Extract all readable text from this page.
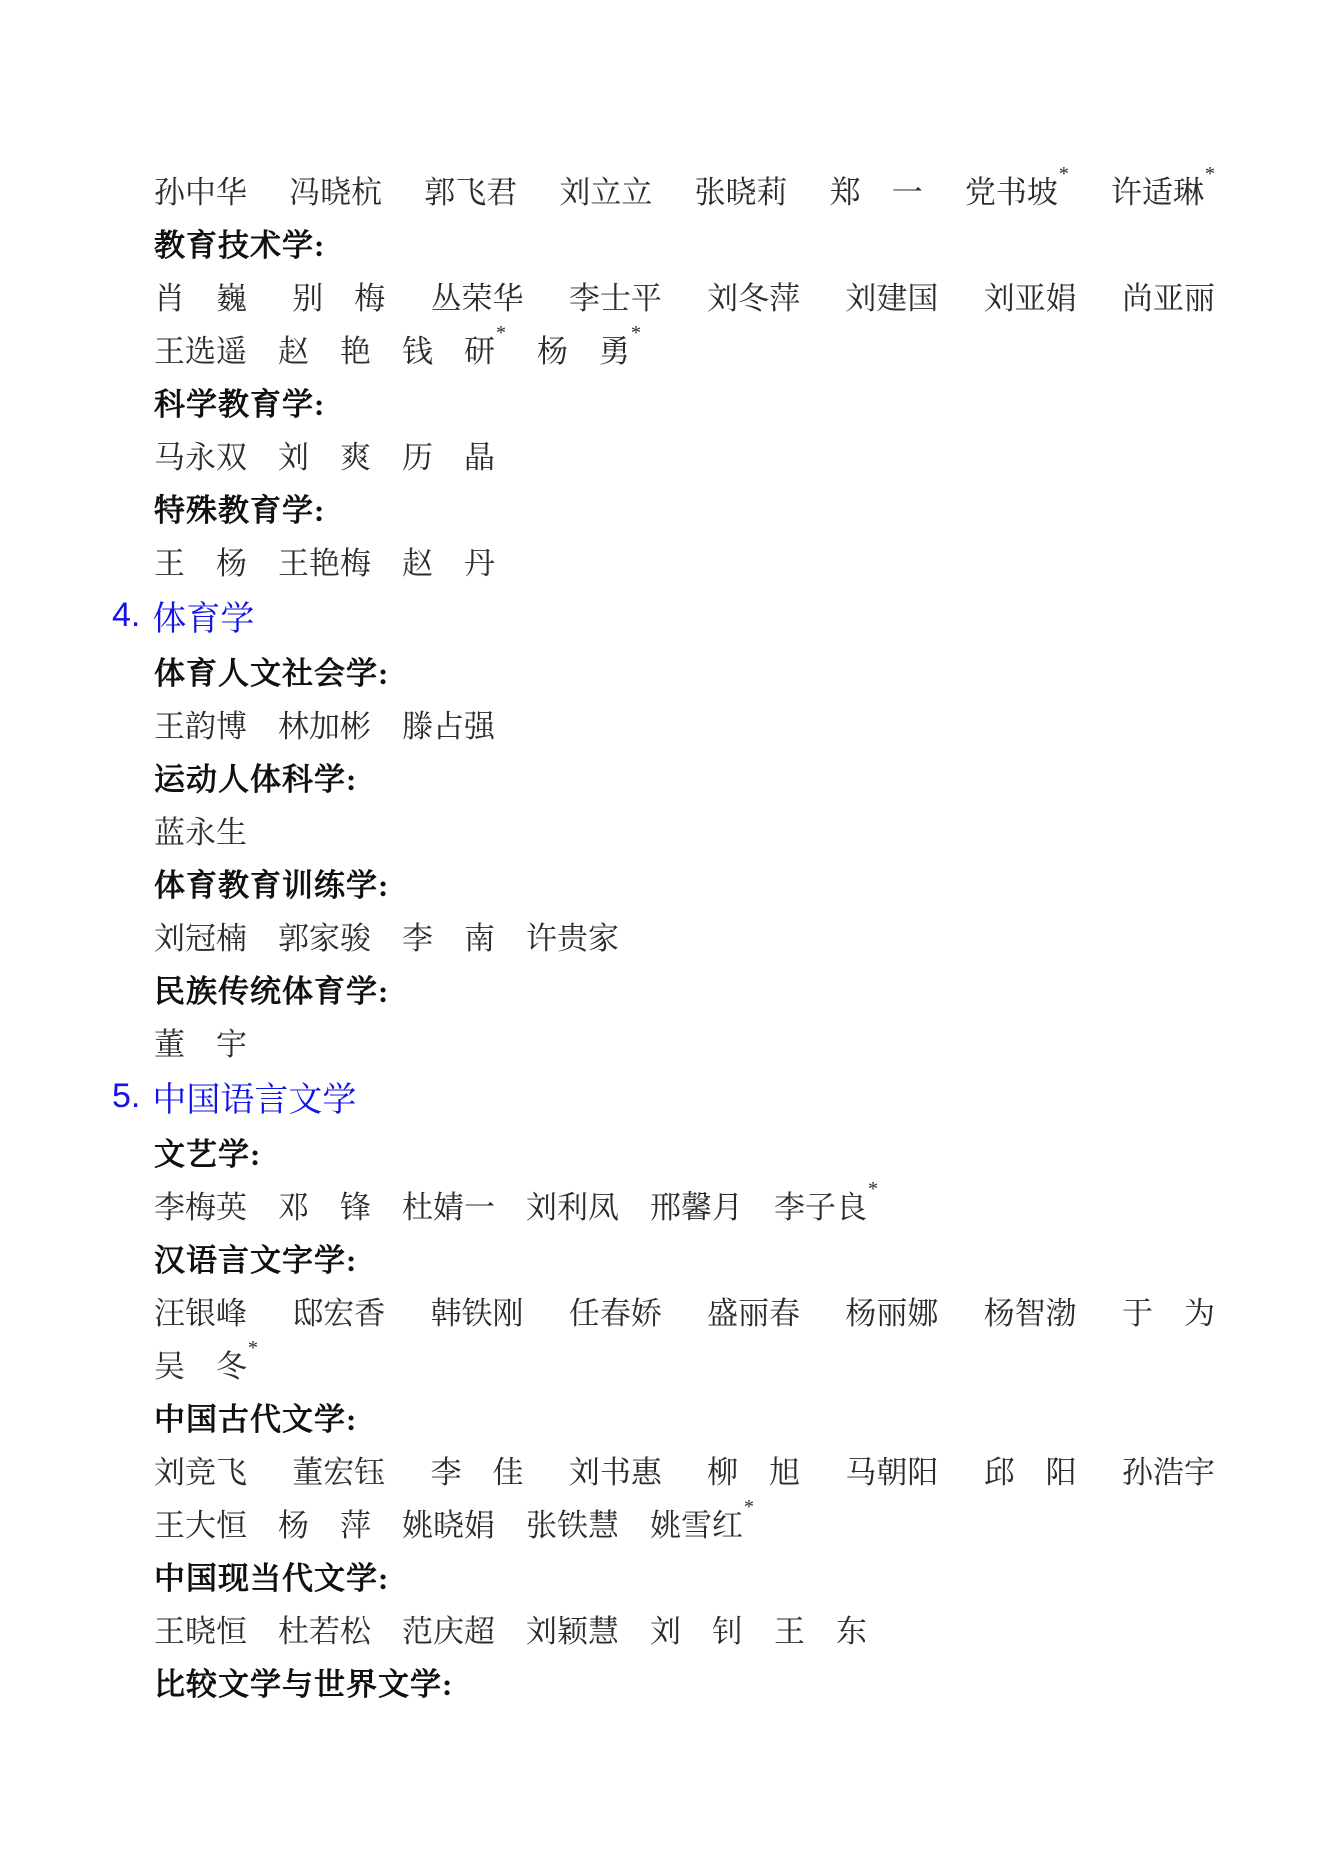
孙中华 冯晓杭 郭飞君 刘立立 张晓莉 郑　一 党书坡*
许适琳*
教育技术学:
肖　巍 别　梅 丛荣华 李士平 刘冬萍 刘建国 刘亚娟 尚亚丽
王选遥 赵　艳 钱　研*
杨　勇*
科学教育学:
马永双 刘　爽 历　晶
特殊教育学:
王　杨 王艳梅 赵　丹
4. 体育学
体育人文社会学:
王韵博 林加彬 滕占强
运动人体科学:
蓝永生
体育教育训练学:
刘冠楠 郭家骏 李　南 许贵家
民族传统体育学:
董　宇
5. 中国语言文学
文艺学:
李梅英 邓　锋 杜婧一 刘利凤 邢馨月 李子良*
汉语言文字学:
汪银峰 邸宏香 韩铁刚 任春娇 盛丽春 杨丽娜 杨智渤 于　为
吴　冬*
中国古代文学:
刘竞飞 董宏钰 李　佳 刘书惠 柳　旭 马朝阳 邱　阳 孙浩宇
王大恒 杨　萍 姚晓娟 张铁慧 姚雪红*
中国现当代文学:
王晓恒 杜若松 范庆超 刘颖慧 刘　钊 王　东
比较文学与世界文学:
